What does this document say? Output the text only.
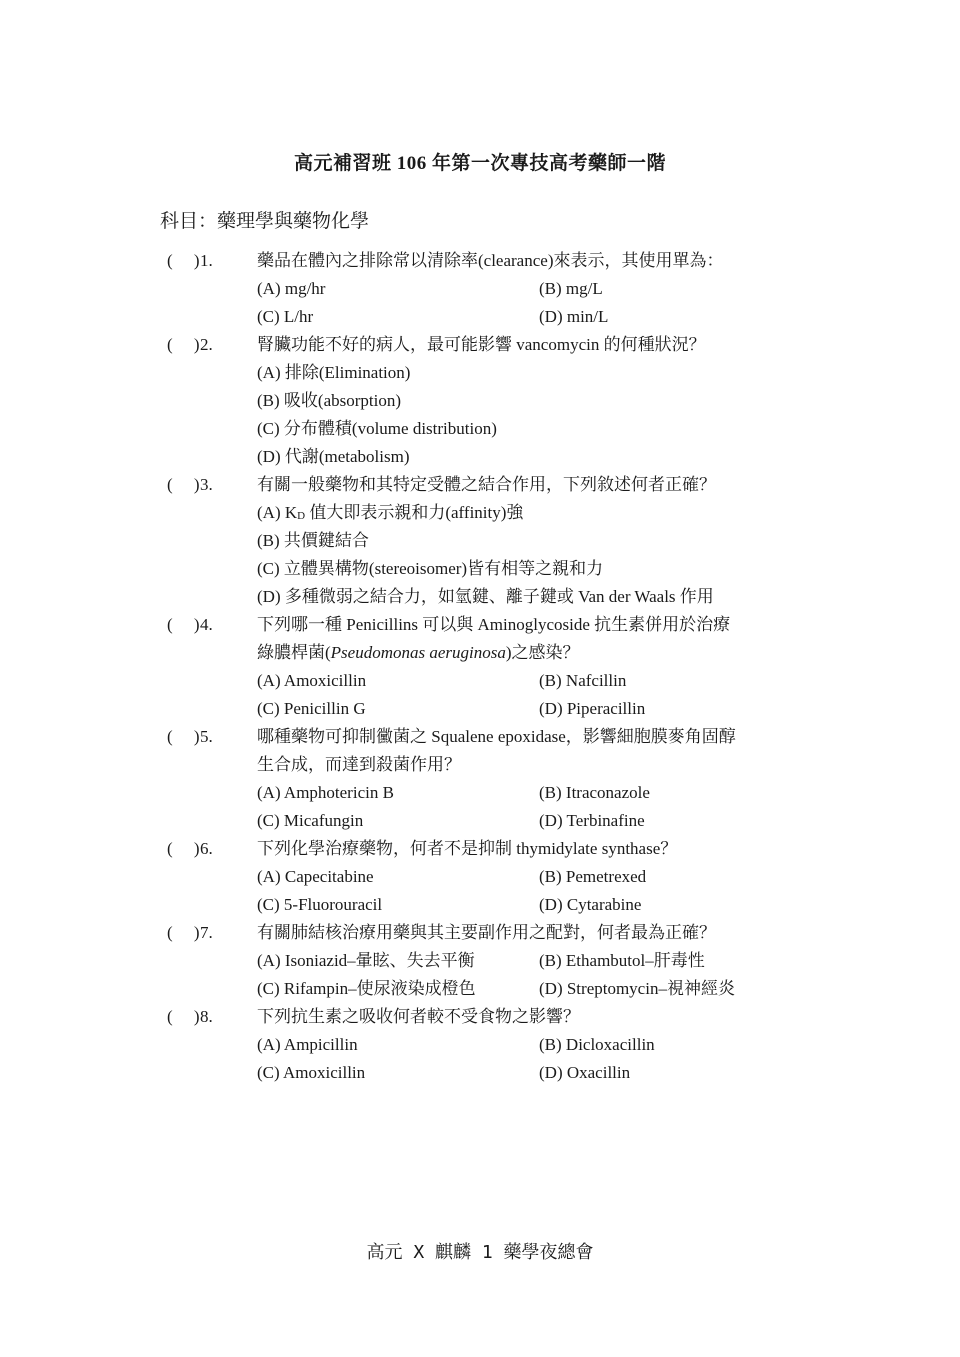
高元補習班 106 年第一次專技高考藥師一階
科目：藥理學與藥物化學
(　 ) 1.	藥品在體內之排除常以清除率(clearance)來表示，其使用單為：
(A) mg/hr	(B) mg/L
(C) L/hr	(D) min/L
(　 ) 2.	腎臟功能不好的病人，最可能影響 vancomycin 的何種狀況？
(A) 排除(Elimination)
(B) 吸收(absorption)
(C) 分布體積(volume distribution)
(D) 代謝(metabolism)
(　 ) 3.	有關一般藥物和其特定受體之結合作用，下列敘述何者正確？
(A) $K_D$ 值大即表示親和力(affinity)強
(B) 共價鍵結合
(C) 立體異構物(stereoisomer)皆有相等之親和力
(D) 多種微弱之結合力，如氫鍵、離子鍵或 Van der Waals 作用
(　 ) 4.	下列哪一種 Penicillins 可以與 Aminoglycoside 抗生素併用於治療
綠膿桿菌(Pseudomonas aeruginosa)之感染？
(A) Amoxicillin	(B) Nafcillin
(C) Penicillin G	(D) Piperacillin
(　 ) 5.	哪種藥物可抑制黴菌之 Squalene epoxidase，影響細胞膜麥角固醇
生合成，而達到殺菌作用？
(A) Amphotericin B	(B) Itraconazole
(C) Micafungin	(D) Terbinafine
(　 ) 6.	下列化學治療藥物，何者不是抑制 thymidylate synthase？
(A) Capecitabine	(B) Pemetrexed
(C) 5-Fluorouracil	(D) Cytarabine
(　 ) 7.	有關肺結核治療用藥與其主要副作用之配對，何者最為正確？
(A) Isoniazid–暈眩、失去平衡	(B) Ethambutol–肝毒性
(C) Rifampin–使尿液染成橙色	(D) Streptomycin–視神經炎
(　 ) 8.	下列抗生素之吸收何者較不受食物之影響？
(A) Ampicillin	(B) Dicloxacillin
(C) Amoxicillin	(D) Oxacillin
高元 X 麒麟 1 藥學夜總會
